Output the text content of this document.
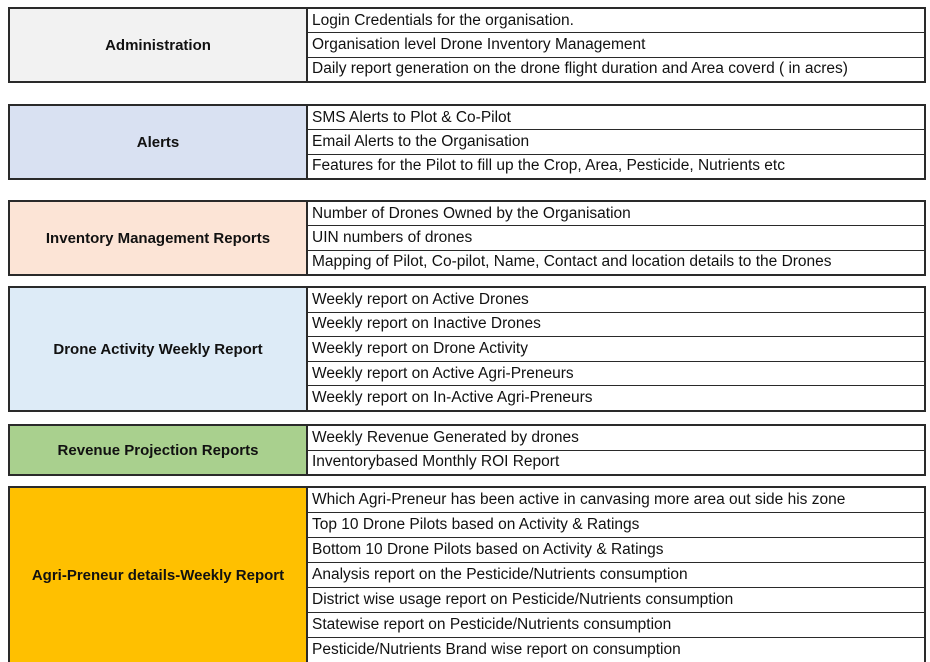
Administration
Login Credentials for the organisation.
Organisation level Drone Inventory Management
Daily report generation on the drone flight duration and Area coverd ( in acres)
Alerts
SMS Alerts to Plot & Co-Pilot
Email Alerts to the Organisation
Features for the Pilot to fill up the Crop, Area, Pesticide, Nutrients etc
Inventory Management Reports
Number of Drones Owned by the Organisation
UIN numbers of drones
Mapping of Pilot, Co-pilot, Name, Contact and location details to the Drones
Drone Activity Weekly Report
Weekly report on Active Drones
Weekly report on Inactive Drones
Weekly report on Drone Activity
Weekly report on Active Agri-Preneurs
Weekly report on In-Active Agri-Preneurs
Revenue Projection Reports
Weekly Revenue Generated by drones
Inventorybased Monthly ROI Report
Agri-Preneur details-Weekly Report
Which Agri-Preneur has been active in canvasing more area out side his zone
Top 10 Drone Pilots based on Activity & Ratings
Bottom 10 Drone Pilots based on Activity & Ratings
Analysis report on the Pesticide/Nutrients consumption
District wise usage report on Pesticide/Nutrients consumption
Statewise report on Pesticide/Nutrients consumption
Pesticide/Nutrients Brand wise report on consumption
